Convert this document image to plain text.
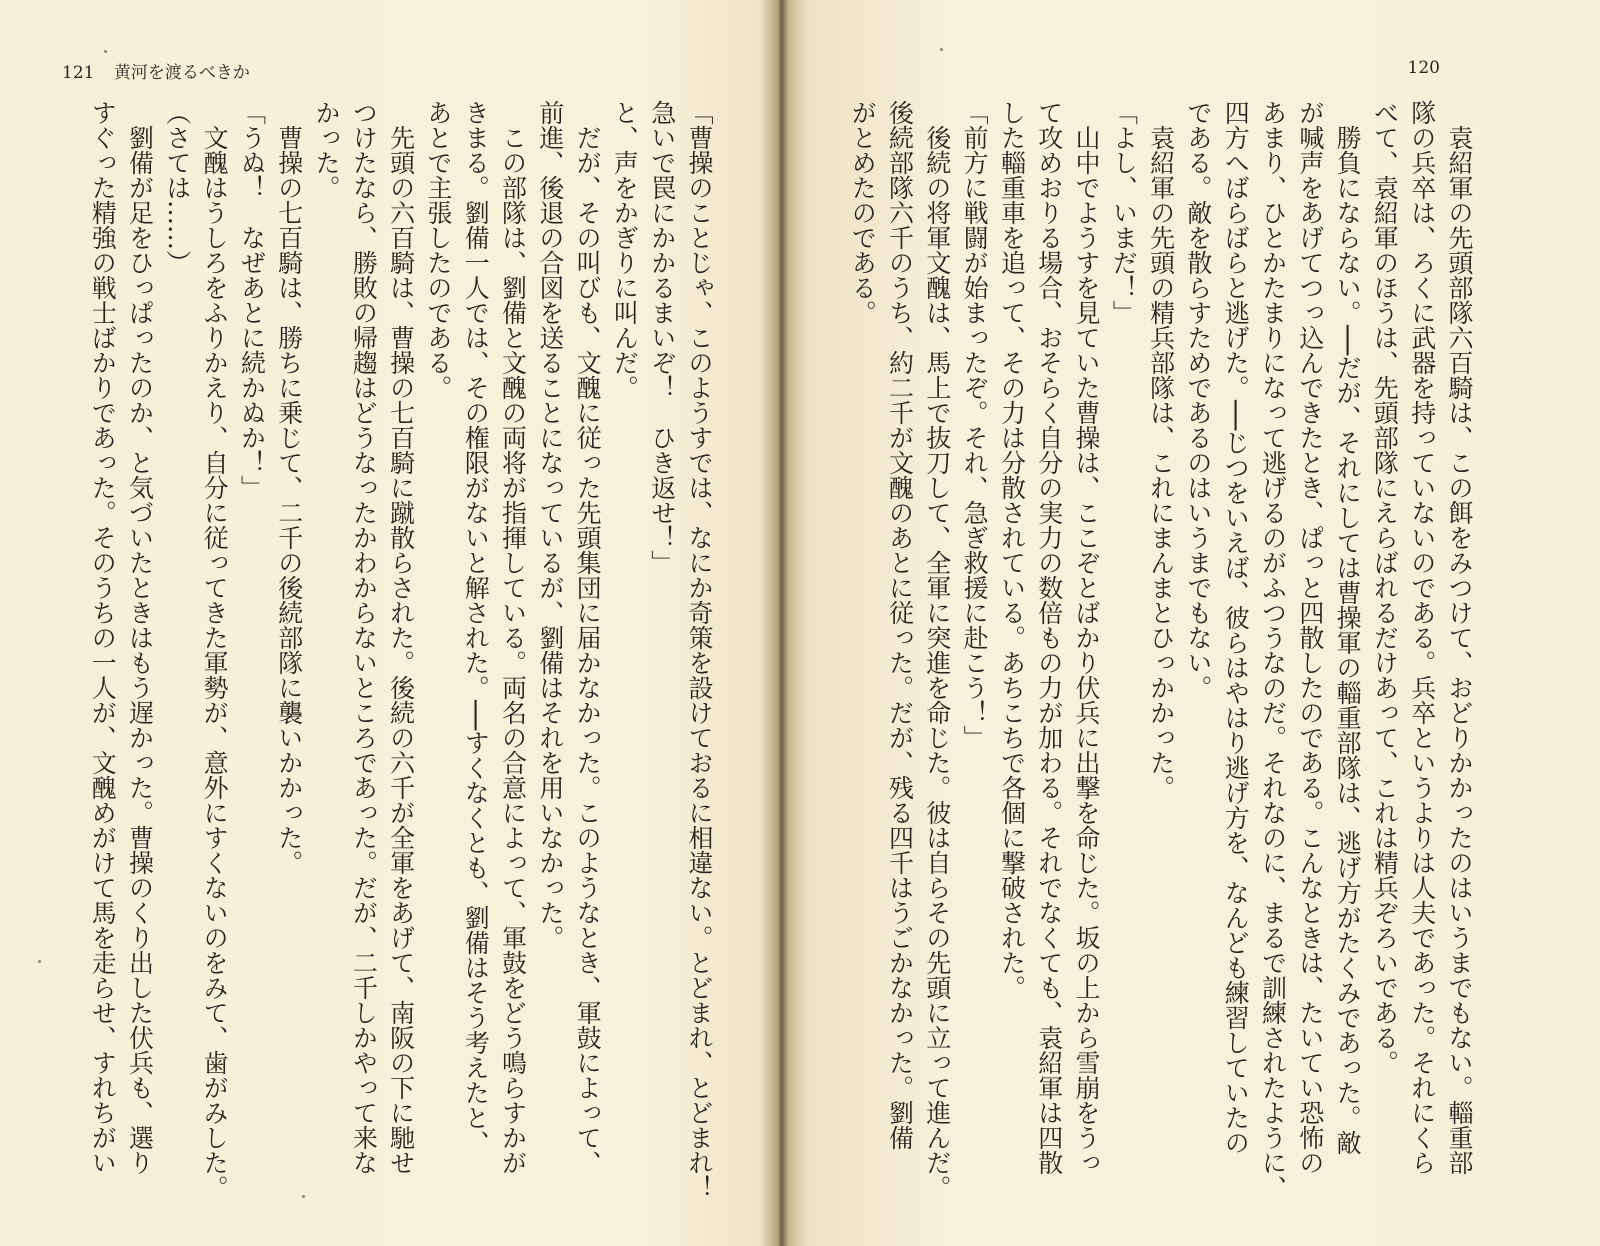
121 黄河を渡るべきか
「曹操のことじゃ、このようすでは、なにか奇策を設けておるに相違ない。とどまれ、とどまれ！
急いで罠にかかるまいぞ！　ひき返せ！」
と、声をかぎりに叫んだ。
　だが、その叫びも、文醜に従った先頭集団に届かなかった。このようなとき、軍鼓によって、
前進、後退の合図を送ることになっているが、劉備はそれを用いなかった。
　この部隊は、劉備と文醜の両将が指揮している。両名の合意によって、軍鼓をどう鳴らすかが
きまる。劉備一人では、その権限がないと解された。──すくなくとも、劉備はそう考えたと、
あとで主張したのである。
　先頭の六百騎は、曹操の七百騎に蹴散らされた。後続の六千が全軍をあげて、南阪の下に馳せ
つけたなら、勝敗の帰趨はどうなったかわからないところであった。だが、二千しかやって来な
かった。
　曹操の七百騎は、勝ちに乗じて、二千の後続部隊に襲いかかった。
「うぬ！　なぜあとに続かぬか！」
　文醜はうしろをふりかえり、自分に従ってきた軍勢が、意外にすくないのをみて、歯がみした。
（さては……）
　劉備が足をひっぱったのか、と気づいたときはもう遅かった。曹操のくり出した伏兵も、選り
すぐった精強の戦士ばかりであった。そのうちの一人が、文醜めがけて馬を走らせ、すれちがい
120
　袁紹軍の先頭部隊六百騎は、この餌をみつけて、おどりかかったのはいうまでもない。輜重部
隊の兵卒は、ろくに武器を持っていないのである。兵卒というよりは人夫であった。それにくら
べて、袁紹軍のほうは、先頭部隊にえらばれるだけあって、これは精兵ぞろいである。
　勝負にならない。──だが、それにしては曹操軍の輜重部隊は、逃げ方がたくみであった。敵
が喊声をあげてつっ込んできたとき、ぱっと四散したのである。こんなときは、たいてい恐怖の
あまり、ひとかたまりになって逃げるのがふつうなのだ。それなのに、まるで訓練されたように、
四方へばらばらと逃げた。──じつをいえば、彼らはやはり逃げ方を、なんども練習していたの
である。敵を散らすためであるのはいうまでもない。
　袁紹軍の先頭の精兵部隊は、これにまんまとひっかかった。
「よし、いまだ！」
　山中でようすを見ていた曹操は、ここぞとばかり伏兵に出撃を命じた。坂の上から雪崩をうっ
て攻めおりる場合、おそらく自分の実力の数倍もの力が加わる。それでなくても、袁紹軍は四散
した輜重車を追って、その力は分散されている。あちこちで各個に撃破された。
「前方に戦闘が始まったぞ。それ、急ぎ救援に赴こう！」
　後続の将軍文醜は、馬上で抜刀して、全軍に突進を命じた。彼は自らその先頭に立って進んだ。
後続部隊六千のうち、約二千が文醜のあとに従った。だが、残る四千はうごかなかった。劉備
がとめたのである。
